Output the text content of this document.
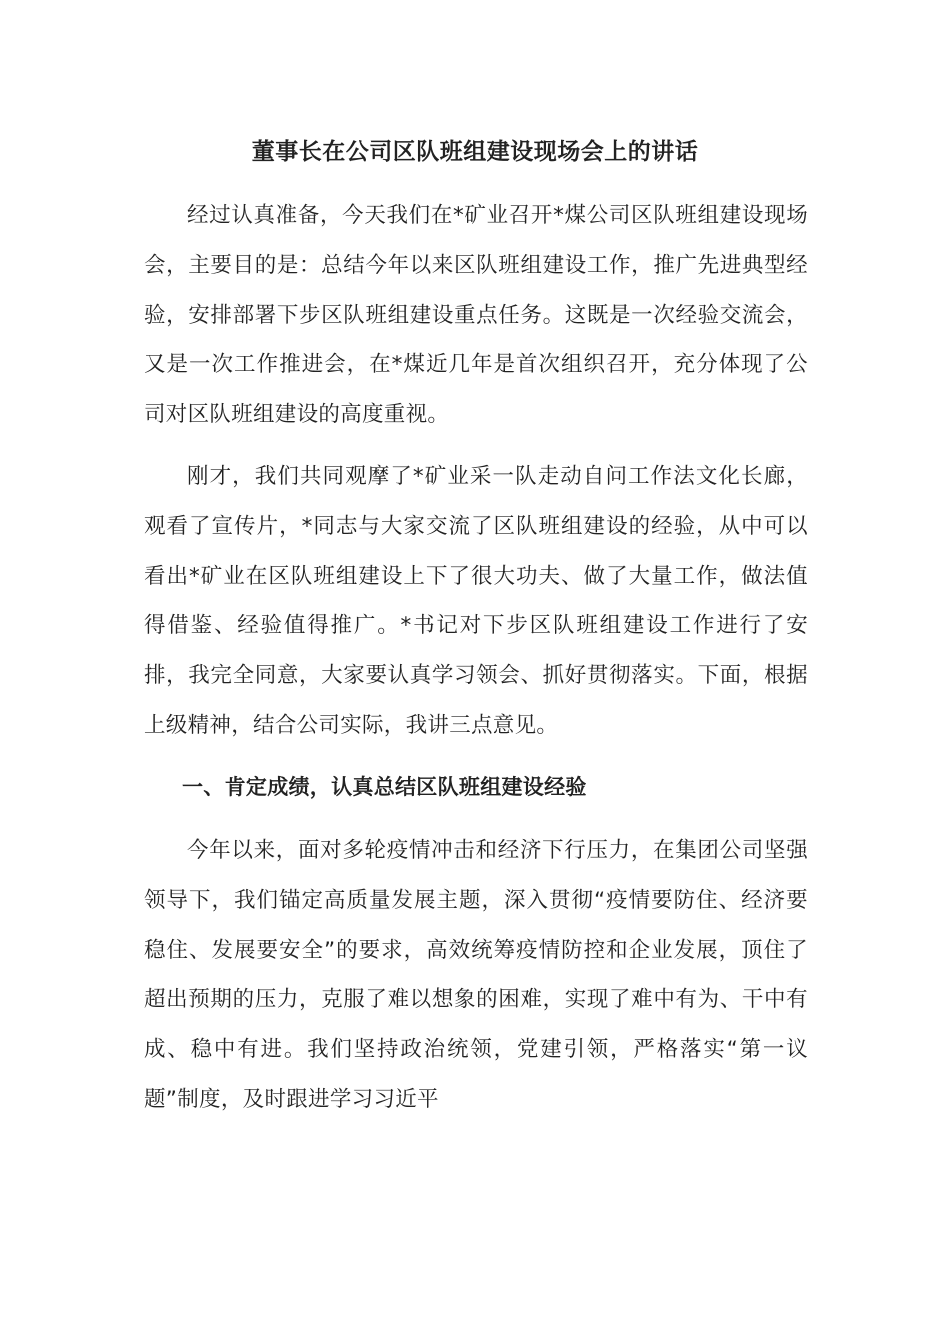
董事长在公司区队班组建设现场会上的讲话

经过认真准备，今天我们在*矿业召开*煤公司区队班组建设现场会，主要目的是：总结今年以来区队班组建设工作，推广先进典型经验，安排部署下步区队班组建设重点任务。这既是一次经验交流会，又是一次工作推进会，在*煤近几年是首次组织召开，充分体现了公司对区队班组建设的高度重视。

刚才，我们共同观摩了*矿业采一队走动自问工作法文化长廊，观看了宣传片，*同志与大家交流了区队班组建设的经验，从中可以看出*矿业在区队班组建设上下了很大功夫、做了大量工作，做法值得借鉴、经验值得推广。*书记对下步区队班组建设工作进行了安排，我完全同意，大家要认真学习领会、抓好贯彻落实。下面，根据上级精神，结合公司实际，我讲三点意见。

一、肯定成绩，认真总结区队班组建设经验

今年以来，面对多轮疫情冲击和经济下行压力，在集团公司坚强领导下，我们锚定高质量发展主题，深入贯彻“疫情要防住、经济要稳住、发展要安全”的要求，高效统筹疫情防控和企业发展，顶住了超出预期的压力，克服了难以想象的困难，实现了难中有为、干中有成、稳中有进。我们坚持政治统领，党建引领，严格落实“第一议题”制度，及时跟进学习习近平
